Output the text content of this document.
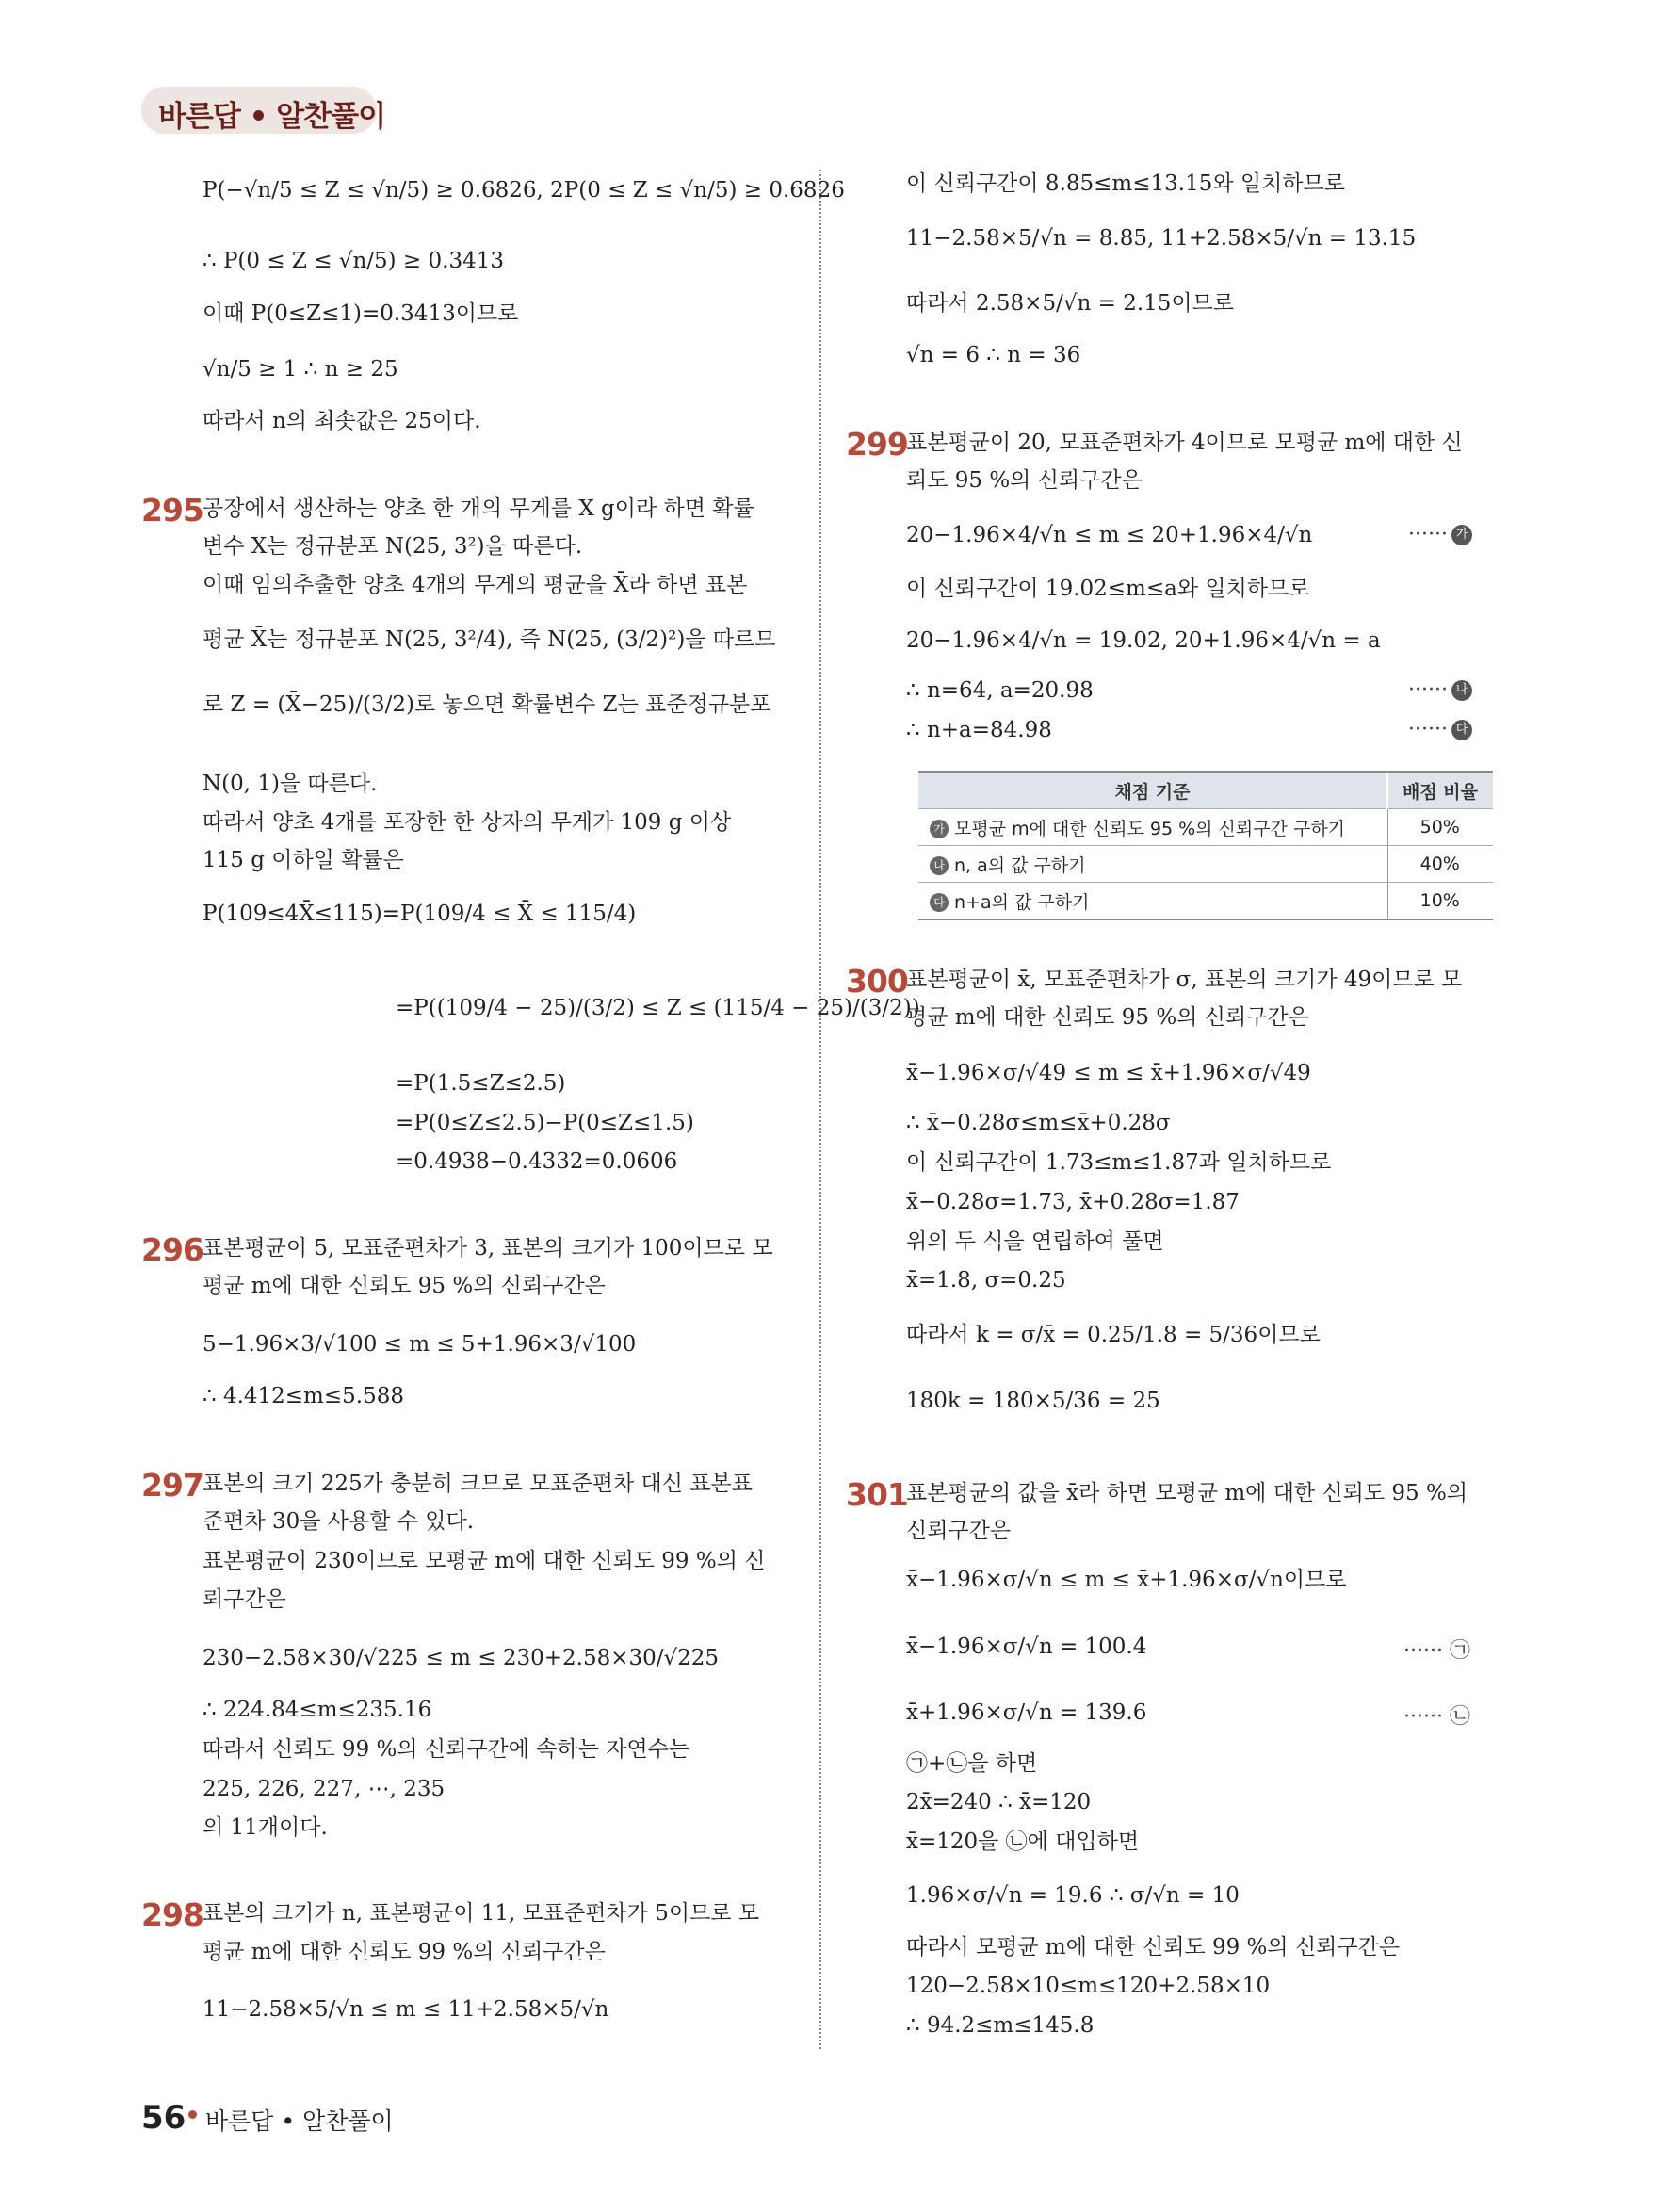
바른답 • 알찬풀이
P(−√n/5 ≤ Z ≤ √n/5) ≥ 0.6826, 2P(0 ≤ Z ≤ √n/5) ≥ 0.6826
∴ P(0 ≤ Z ≤ √n/5) ≥ 0.3413
이때 P(0≤Z≤1)=0.3413이므로
√n/5 ≥ 1 ∴ n ≥ 25
따라서 n의 최솟값은 25이다.
295 공장에서 생산하는 양초 한 개의 무게를 X g이라 하면 확률
변수 X는 정규분포 N(25, 3²)을 따른다.
이때 임의추출한 양초 4개의 무게의 평균을 X̄라 하면 표본
평균 X̄는 정규분포 N(25, 3²/4), 즉 N(25, (3/2)²)을 따르므
로 Z = (X̄−25)/(3/2)로 놓으면 확률변수 Z는 표준정규분포
N(0, 1)을 따른다.
따라서 양초 4개를 포장한 한 상자의 무게가 109 g 이상
115 g 이하일 확률은
P(109≤4X̄≤115)=P(109/4 ≤ X̄ ≤ 115/4)
=P((109/4 − 25)/(3/2) ≤ Z ≤ (115/4 − 25)/(3/2))
=P(1.5≤Z≤2.5)
=P(0≤Z≤2.5)−P(0≤Z≤1.5)
=0.4938−0.4332=0.0606
296 표본평균이 5, 모표준편차가 3, 표본의 크기가 100이므로 모
평균 m에 대한 신뢰도 95 %의 신뢰구간은
5−1.96×3/√100 ≤ m ≤ 5+1.96×3/√100
∴ 4.412≤m≤5.588
297 표본의 크기 225가 충분히 크므로 모표준편차 대신 표본표
준편차 30을 사용할 수 있다.
표본평균이 230이므로 모평균 m에 대한 신뢰도 99 %의 신
뢰구간은
230−2.58×30/√225 ≤ m ≤ 230+2.58×30/√225
∴ 224.84≤m≤235.16
따라서 신뢰도 99 %의 신뢰구간에 속하는 자연수는
225, 226, 227, ⋯, 235
의 11개이다.
298 표본의 크기가 n, 표본평균이 11, 모표준편차가 5이므로 모
평균 m에 대한 신뢰도 99 %의 신뢰구간은
11−2.58×5/√n ≤ m ≤ 11+2.58×5/√n
이 신뢰구간이 8.85≤m≤13.15와 일치하므로
11−2.58×5/√n = 8.85, 11+2.58×5/√n = 13.15
따라서 2.58×5/√n = 2.15이므로
√n = 6 ∴ n = 36
299
표본평균이 20, 모표준편차가 4이므로 모평균 m에 대한 신
뢰도 95 %의 신뢰구간은
20−1.96×4/√n ≤ m ≤ 20+1.96×4/√n
이 신뢰구간이 19.02≤m≤a와 일치하므로
20−1.96×4/√n = 19.02, 20+1.96×4/√n = a
∴ n=64, a=20.98
∴ n+a=84.98
······ 가
······ 나
······ 다
채점 기준	배점 비율
가 모평균 m에 대한 신뢰도 95 %의 신뢰구간 구하기	50%
나 n, a의 값 구하기	40%
다 n+a의 값 구하기	10%
300
표본평균이 x̄, 모표준편차가 σ, 표본의 크기가 49이므로 모
평균 m에 대한 신뢰도 95 %의 신뢰구간은
x̄−1.96×σ/√49 ≤ m ≤ x̄+1.96×σ/√49
∴ x̄−0.28σ≤m≤x̄+0.28σ
이 신뢰구간이 1.73≤m≤1.87과 일치하므로
x̄−0.28σ=1.73, x̄+0.28σ=1.87
위의 두 식을 연립하여 풀면
x̄=1.8, σ=0.25
따라서 k = σ/x̄ = 0.25/1.8 = 5/36이므로
180k = 180×5/36 = 25
301
표본평균의 값을 x̄라 하면 모평균 m에 대한 신뢰도 95 %의
신뢰구간은
x̄−1.96×σ/√n ≤ m ≤ x̄+1.96×σ/√n이므로
x̄−1.96×σ/√n = 100.4
x̄+1.96×σ/√n = 139.6
㉠+㉡을 하면
2x̄=240 ∴ x̄=120
x̄=120을 ㉡에 대입하면
1.96×σ/√n = 19.6 ∴ σ/√n = 10
따라서 모평균 m에 대한 신뢰도 99 %의 신뢰구간은
120−2.58×10≤m≤120+2.58×10
∴ 94.2≤m≤145.8
······ ㉠
······ ㉡
56 바른답 • 알찬풀이
